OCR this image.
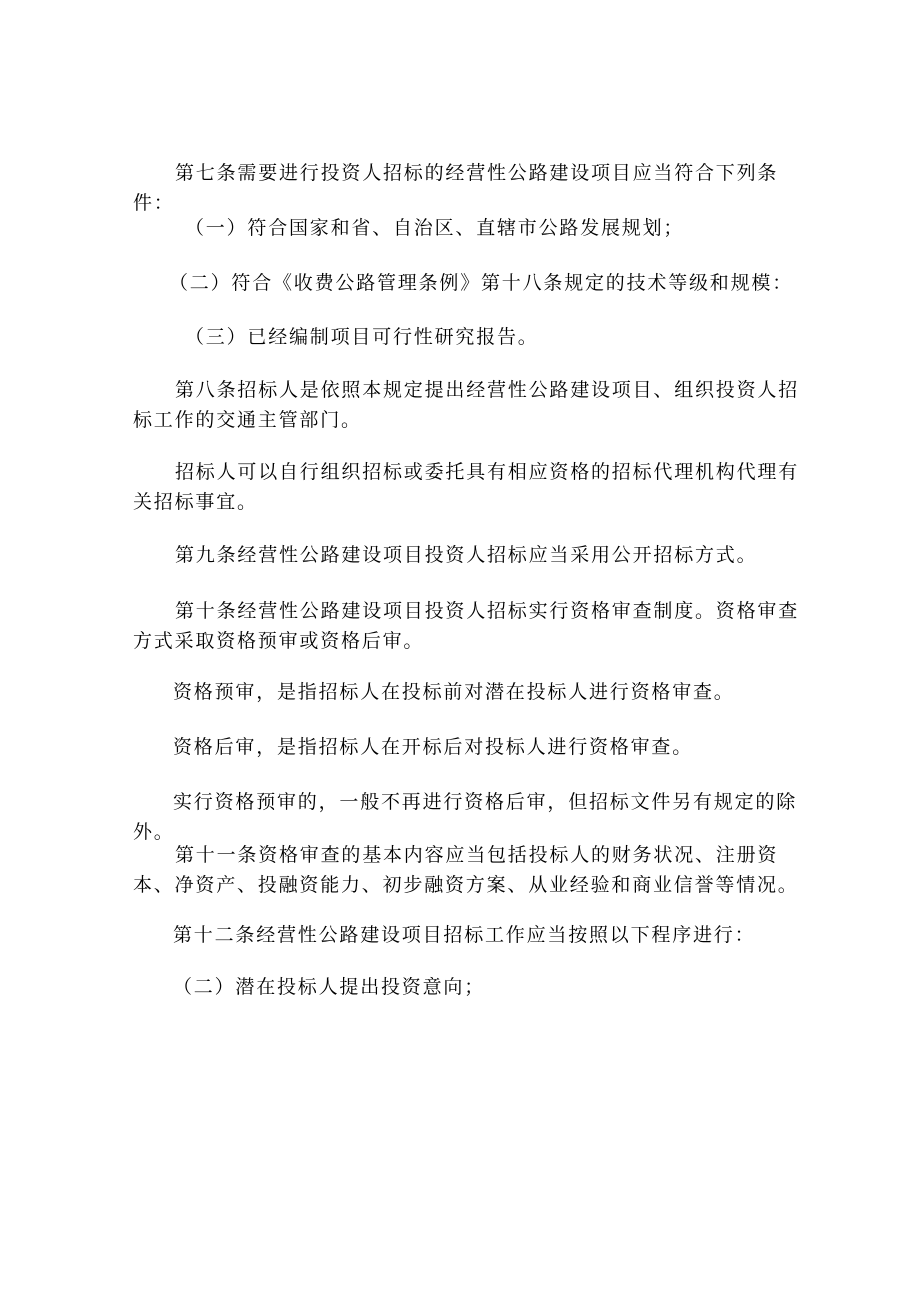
第七条需要进行投资人招标的经营性公路建设项目应当符合下列条件：

（一）符合国家和省、自治区、直辖市公路发展规划；

（二）符合《收费公路管理条例》第十八条规定的技术等级和规模：

（三）已经编制项目可行性研究报告。

第八条招标人是依照本规定提出经营性公路建设项目、组织投资人招标工作的交通主管部门。

招标人可以自行组织招标或委托具有相应资格的招标代理机构代理有关招标事宜。

第九条经营性公路建设项目投资人招标应当采用公开招标方式。

第十条经营性公路建设项目投资人招标实行资格审查制度。资格审查方式采取资格预审或资格后审。

资格预审，是指招标人在投标前对潜在投标人进行资格审查。

资格后审，是指招标人在开标后对投标人进行资格审查。

实行资格预审的，一般不再进行资格后审，但招标文件另有规定的除外。

第十一条资格审查的基本内容应当包括投标人的财务状况、注册资本、净资产、投融资能力、初步融资方案、从业经验和商业信誉等情况。

第十二条经营性公路建设项目招标工作应当按照以下程序进行：

（二）潜在投标人提出投资意向；
